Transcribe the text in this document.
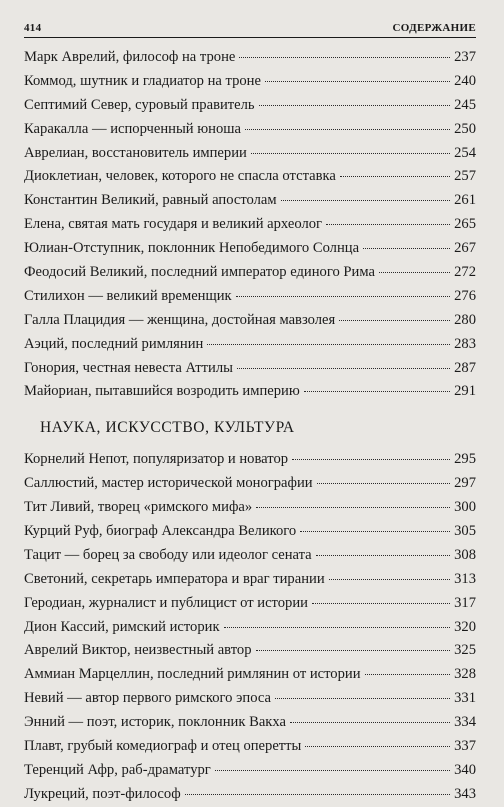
414	СОДЕРЖАНИЕ
Марк Аврелий, философ на троне	237
Коммод, шутник и гладиатор на троне	240
Септимий Север, суровый правитель	245
Каракалла — испорченный юноша	250
Аврелиан, восстановитель империи	254
Диоклетиан, человек, которого не спасла отставка	257
Константин Великий, равный апостолам	261
Елена, святая мать государя и великий археолог	265
Юлиан-Отступник, поклонник Непобедимого Солнца	267
Феодосий Великий, последний император единого Рима	272
Стилихон — великий временщик	276
Галла Плацидия — женщина, достойная мавзолея	280
Аэций, последний римлянин	283
Гонория, честная невеста Аттилы	287
Майориан, пытавшийся возродить империю	291
НАУКА, ИСКУССТВО, КУЛЬТУРА
Корнелий Непот, популяризатор и новатор	295
Саллюстий, мастер исторической монографии	297
Тит Ливий, творец «римского мифа»	300
Курций Руф, биограф Александра Великого	305
Тацит — борец за свободу или идеолог сената	308
Светоний, секретарь императора и враг тирании	313
Геродиан, журналист и публицист от истории	317
Дион Кассий, римский историк	320
Аврелий Виктор, неизвестный автор	325
Аммиан Марцеллин, последний римлянин от истории	328
Невий — автор первого римского эпоса	331
Энний — поэт, историк, поклонник Вакха	334
Плавт, грубый комедиограф и отец оперетты	337
Теренций Афр, раб-драматург	340
Лукреций, поэт-философ	343
